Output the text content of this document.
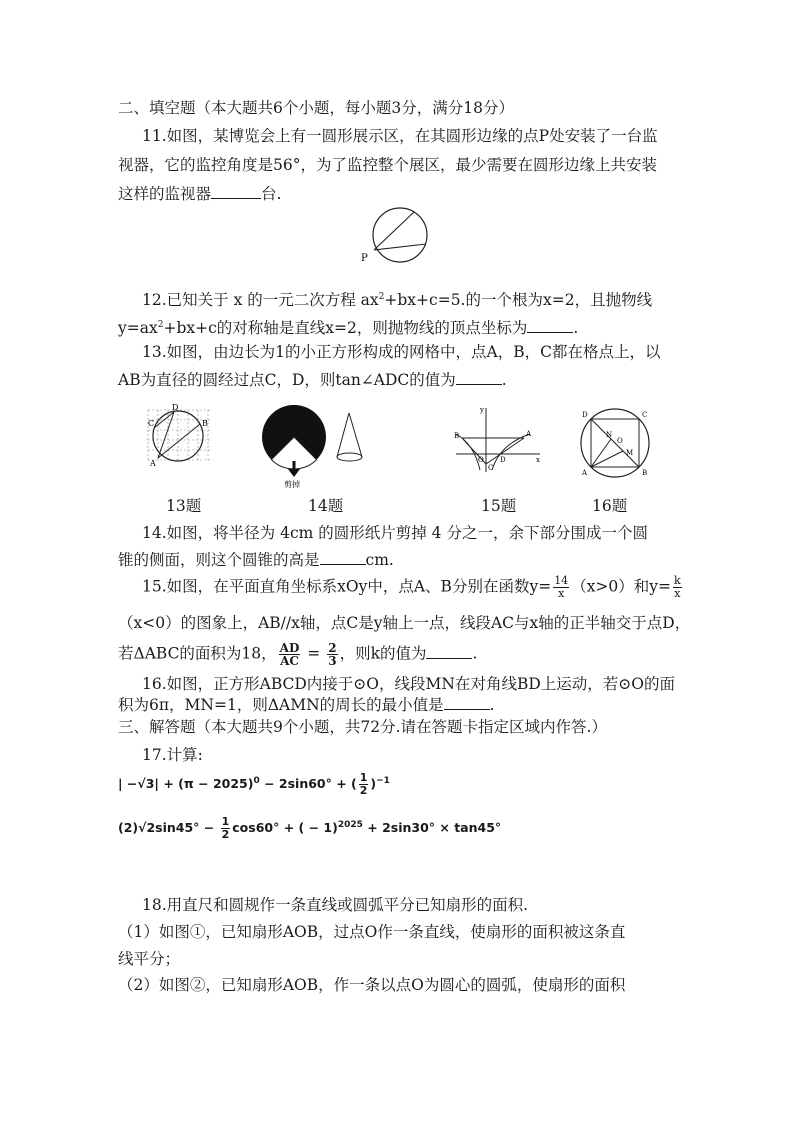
二、填空题（本大题共6个小题，每小题3分，满分18分）
11.如图，某博览会上有一圆形展示区，在其圆形边缘的点P处安装了一台监
视器，它的监控角度是56°，为了监控整个展区，最少需要在圆形边缘上共安装
这样的监视器	台.
P
12.已知关于 x 的一元二次方程 $ax^2+bx+c=5$.的一个根为x=2，且抛物线
$y=ax^2+bx+c$的对称轴是直线x=2，则抛物线的顶点坐标为	.
13.如图，由边长为1的小正方形构成的网格中，点A，B，C都在格点上，以
AB为直径的圆经过点C，D，则tan∠ADC的值为	.
D
C	B
A
剪掉
y
A
B
O
C
D	x
D	C
A	B
N
O
M
13题	14题	15题	16题
14.如图，将半径为 4cm 的圆形纸片剪掉 4 分之一，余下部分围成一个圆
锥的侧面，则这个圆锥的高是	cm.
15.如图，在平面直角坐标系xOy中，点A、B分别在函数$y= \frac{14}{x} (x>0)$和$y= \frac{k}{x}$
（x<0）的图象上，AB//x轴，点C是y轴上一点，线段AC与x轴的正半轴交于点D，
若ΔABC的面积为18， $\frac{AD}{AC} = \frac{2}{3}$ ，则k的值为	.
16.如图，正方形ABCD内接于⊙O，线段MN在对角线BD上运动，若⊙O的面
积为6π，MN=1，则ΔAMN的周长的最小值是	.
三、解答题（本大题共9个小题，共72分.请在答题卡指定区域内作答.）
17.计算:
| $-√3| + (\pi - 2025)^0 - 2\sin 60^\circ$ + ( $\frac{1}{2} )^{-1}$
$(2)√2\sin 45^\circ - \frac{1}{2} \cos 60^\circ$ + ( − 1)$^{2025}$ + 2sin30° × tan45°
18.用直尺和圆规作一条直线或圆弧平分已知扇形的面积.
（1）如图①，已知扇形AOB，过点O作一条直线，使扇形的面积被这条直
线平分；
（2）如图②，已知扇形AOB，作一条以点O为圆心的圆弧，使扇形的面积
